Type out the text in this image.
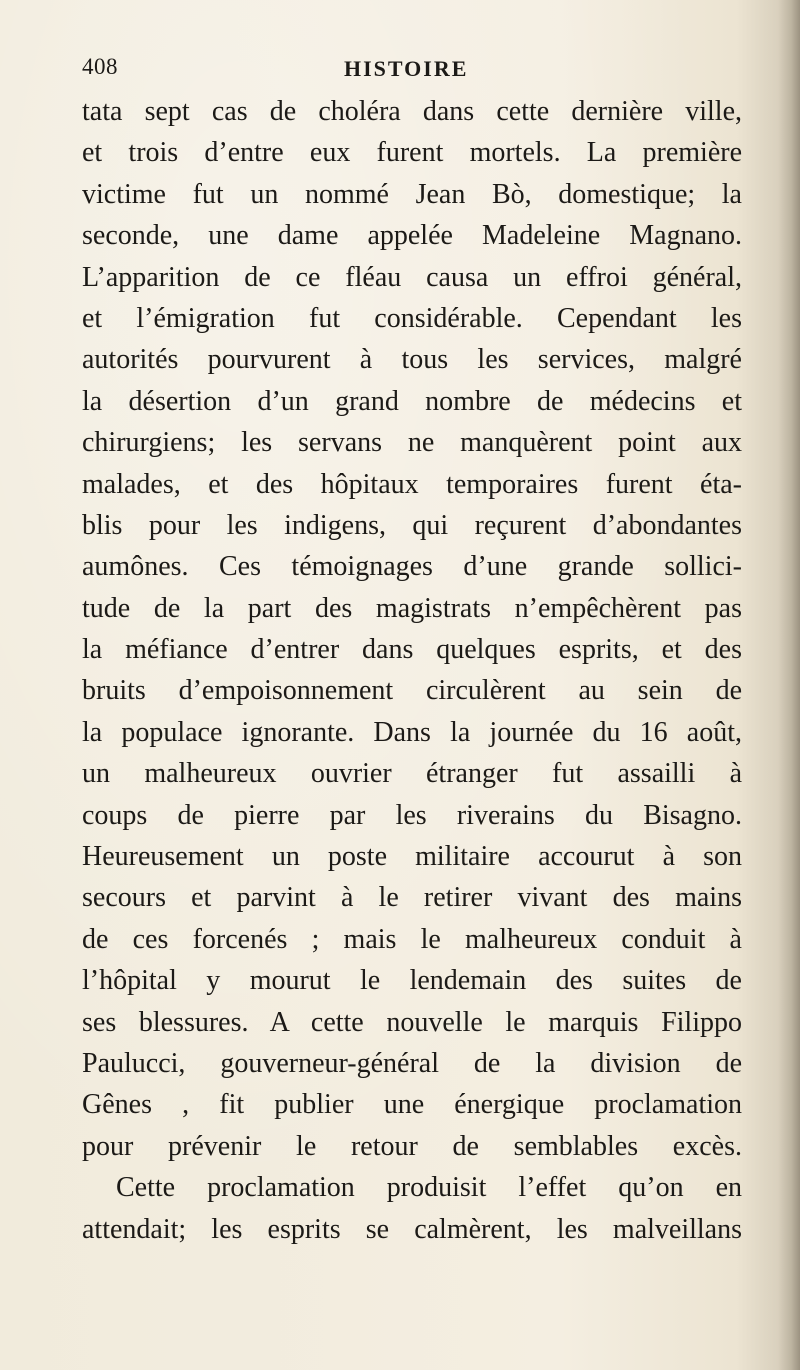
408	HISTOIRE
tata sept cas de choléra dans cette dernière ville,
et trois d’entre eux furent mortels. La première
victime fut un nommé Jean Bò, domestique; la
seconde, une dame appelée Madeleine Magnano.
L’apparition de ce fléau causa un effroi général,
et l’émigration fut considérable. Cependant les
autorités pourvurent à tous les services, malgré
la désertion d’un grand nombre de médecins et
chirurgiens; les servans ne manquèrent point aux
malades, et des hôpitaux temporaires furent éta-
blis pour les indigens, qui reçurent d’abondantes
aumônes. Ces témoignages d’une grande sollici-
tude de la part des magistrats n’empêchèrent pas
la méfiance d’entrer dans quelques esprits, et des
bruits d’empoisonnement circulèrent au sein de
la populace ignorante. Dans la journée du 16 août,
un malheureux ouvrier étranger fut assailli à
coups de pierre par les riverains du Bisagno.
Heureusement un poste militaire accourut à son
secours et parvint à le retirer vivant des mains
de ces forcenés ; mais le malheureux conduit à
l’hôpital y mourut le lendemain des suites de
ses blessures. A cette nouvelle le marquis Filippo
Paulucci, gouverneur-général de la division de
Gênes , fit publier une énergique proclamation
pour prévenir le retour de semblables excès.
Cette proclamation produisit l’effet qu’on en
attendait; les esprits se calmèrent, les malveillans
